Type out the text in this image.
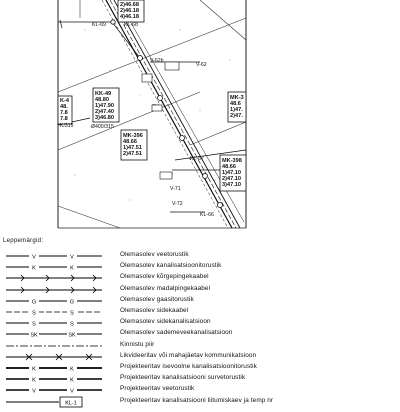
2)46.68
2)46.18
4)46.18
KK-49
48.80
1)47.90
2)47.40
3)46.80
MK-396
48.66
1)47.51
2)47.51
MK-398
48.66
1)47.10
2)47.10
3)47.10
MK-3
48.6
1)47.
2)47.
K-4
48.
7.8
7.8
K/315
KL-69
KL-67
KL-66
V-62b
V-62
V-72
V-71
KL-68
Ø400/315
Leppemärgid:
V	V	Olemasolev veetorustik
K	K	Olemasolev kanalisatsioonitorustik
Olemasolev kõrgepingekaabel
Olemasolev madalpingekaabel
G	G	Olemasolev gaasitorustik
S	S	Olemasolev sidekaabel
S	S	Olemasolev sidekanalisatsioon
SK	SK	Olemasolev sademeveekanalisatsioon
Kinnistu piir
Likvideeritav või mahajäetav kommunikatsioon
K	K	Projekteeritav isevoolne kanalisatsioonitorustik
K	K	Projekteeritav kanalisatsiooni survetorustik
V	V	Projekteeritav veetorustik
KL-1	Projekteeritav kanalisatsiooni liitumiskaev ja temp nr
